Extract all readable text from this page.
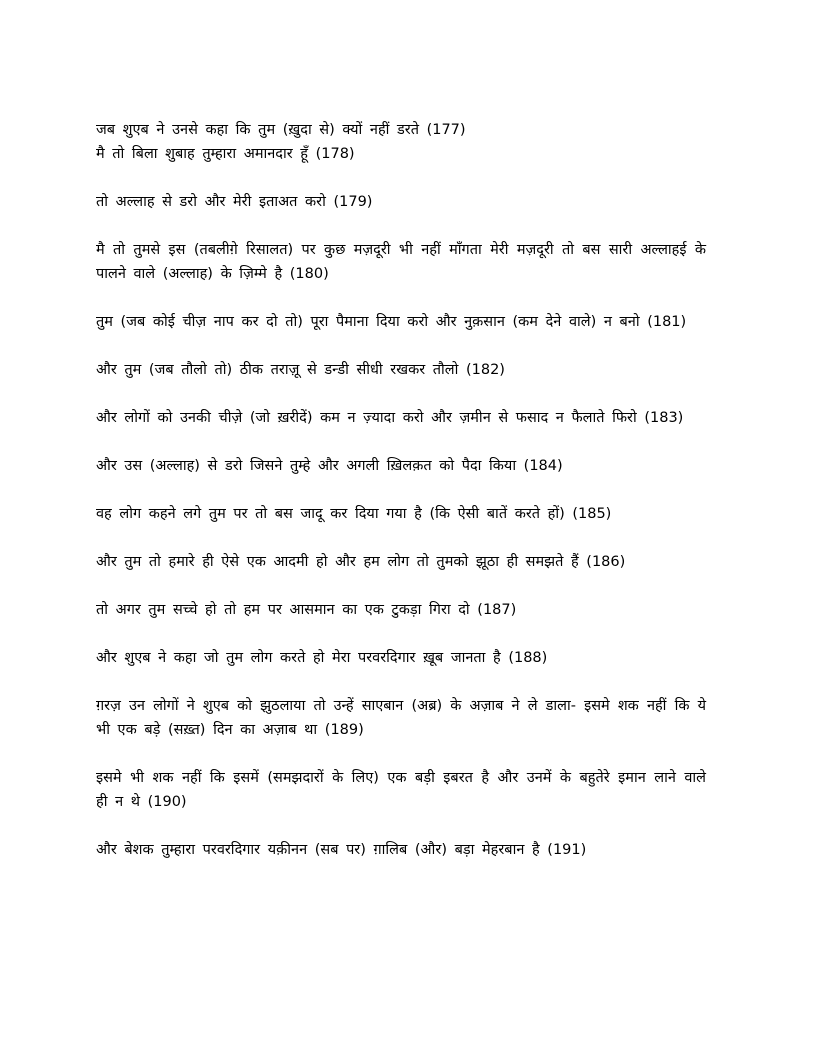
जब शुएब ने उनसे कहा कि तुम (ख़ुदा से) क्यों नहीं डरते (177)

मै तो बिला शुबाह तुम्हारा अमानदार हूँ (178)

तो अल्लाह से डरो और मेरी इताअत करो (179)

मै तो तुमसे इस (तबलीग़े रिसालत) पर कुछ मज़दूरी भी नहीं माँगता मेरी मज़दूरी तो बस सारी अल्लाहई के पालने वाले (अल्लाह) के ज़िम्मे है (180)

तुम (जब कोई चीज़ नाप कर दो तो) पूरा पैमाना दिया करो और नुक़सान (कम देने वाले) न बनो (181)

और तुम (जब तौलो तो) ठीक तराज़ू से डन्डी सीधी रखकर तौलो (182)

और लोगों को उनकी चीज़े (जो ख़रीदें) कम न ज़्यादा करो और ज़मीन से फसाद न फैलाते फिरो (183)

और उस (अल्लाह) से डरो जिसने तुम्हे और अगली ख़िलक़त को पैदा किया (184)

वह लोग कहने लगे तुम पर तो बस जादू कर दिया गया है (कि ऐसी बातें करते हों) (185)

और तुम तो हमारे ही ऐसे एक आदमी हो और हम लोग तो तुमको झूठा ही समझते हैं (186)

तो अगर तुम सच्चे हो तो हम पर आसमान का एक टुकड़ा गिरा दो (187)

और शुएब ने कहा जो तुम लोग करते हो मेरा परवरदिगार ख़ूब जानता है (188)

ग़रज़ उन लोगों ने शुएब को झुठलाया तो उन्हें साएबान (अब्र) के अज़ाब ने ले डाला- इसमे शक नहीं कि ये भी एक बड़े (सख़्त) दिन का अज़ाब था (189)

इसमे भी शक नहीं कि इसमें (समझदारों के लिए) एक बड़ी इबरत है और उनमें के बहुतेरे इमान लाने वाले ही न थे (190)

और बेशक तुम्हारा परवरदिगार यक़ीनन (सब पर) ग़ालिब (और) बड़ा मेहरबान है (191)
